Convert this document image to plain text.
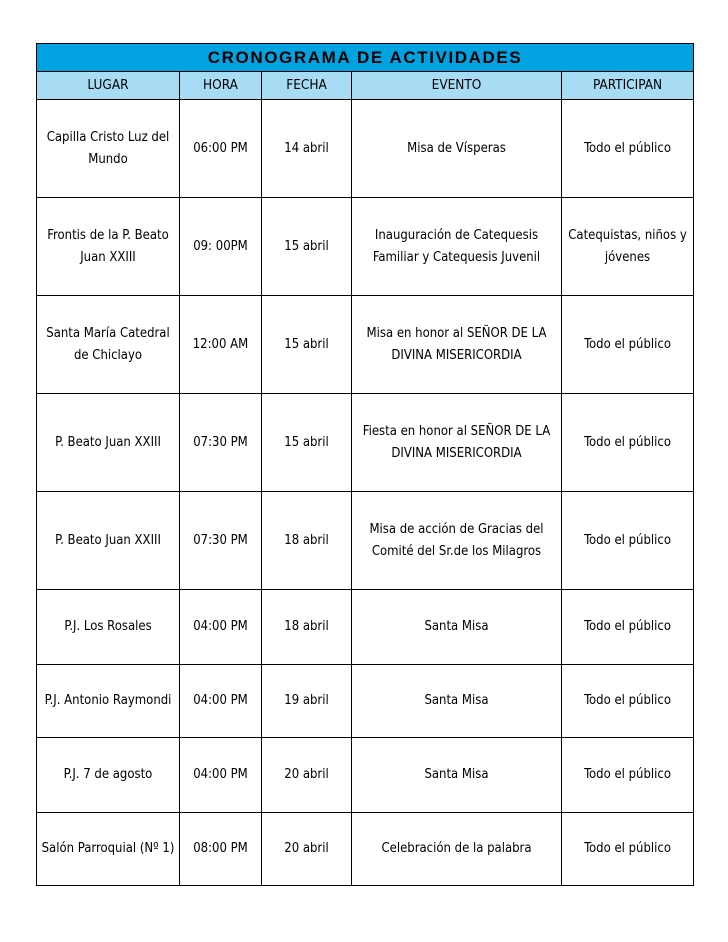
CRONOGRAMA DE ACTIVIDADES				
LUGAR	HORA	FECHA	EVENTO	PARTICIPAN
Capilla Cristo Luz del Mundo	06:00 PM	14 abril	Misa de Vísperas	Todo el público
Frontis de la P. Beato Juan XXIII	09: 00PM	15 abril	Inauguración de Catequesis Familiar y Catequesis Juvenil	Catequistas, niños y jóvenes
Santa María Catedral de Chiclayo	12:00 AM	15 abril	Misa en honor al SEÑOR DE LA DIVINA MISERICORDIA	Todo el público
P. Beato Juan XXIII	07:30 PM	15 abril	Fiesta en honor al SEÑOR DE LA DIVINA MISERICORDIA	Todo el público
P. Beato Juan XXIII	07:30 PM	18 abril	Misa de acción de Gracias del Comité del Sr.de los Milagros	Todo el público
P.J. Los Rosales	04:00 PM	18 abril	Santa Misa	Todo el público
P.J. Antonio Raymondi	04:00 PM	19 abril	Santa Misa	Todo el público
P.J. 7 de agosto	04:00 PM	20 abril	Santa Misa	Todo el público
Salón Parroquial (Nº 1)	08:00 PM	20 abril	Celebración de la palabra	Todo el público
